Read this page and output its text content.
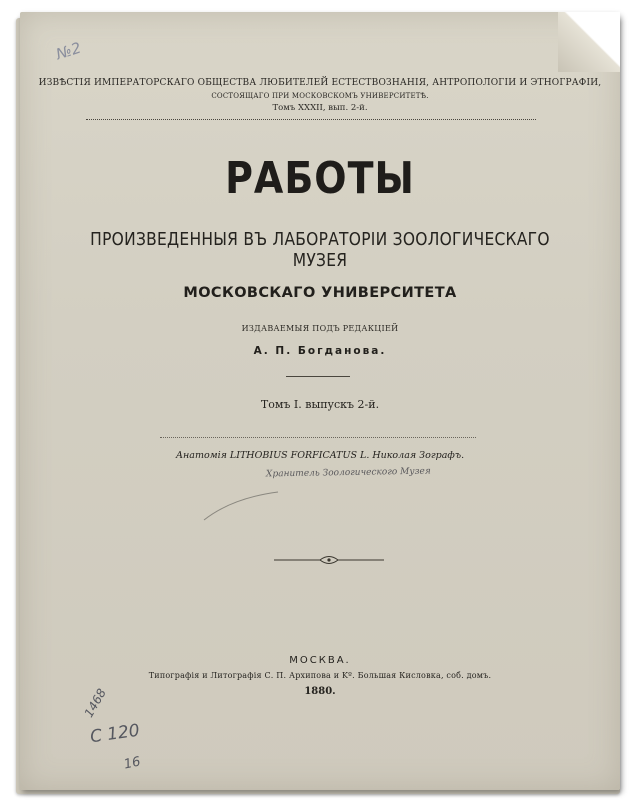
№2
ИЗВѢСТІЯ ИМПЕРАТОРСКАГО ОБЩЕСТВА ЛЮБИТЕЛЕЙ ЕСТЕСТВОЗНАНІЯ, АНТРОПОЛОГІИ И ЭТНОГРАФІИ,
СОСТОЯЩАГО ПРИ МОСКОВСКОМЪ УНИВЕРСИТЕТѢ.
Томъ XXXII, вып. 2-й.
РАБОТЫ
ПРОИЗВЕДЕННЫЯ ВЪ ЛАБОРАТОРІИ ЗООЛОГИЧЕСКАГО МУЗЕЯ
МОСКОВСКАГО УНИВЕРСИТЕТА
ИЗДАВАЕМЫЯ ПОДЪ РЕДАКЦІЕЙ
А. П. Богданова.
Томъ I. выпускъ 2-й.
Анатомія LITHOBIUS FORFICATUS L. Николая Зографъ.
Хранитель Зоологического Музея
МОСКВА.
Типографія и Литографія С. П. Архипова и Kº. Большая Кисловка, соб. домъ.
1880.
1468
С 120
16
